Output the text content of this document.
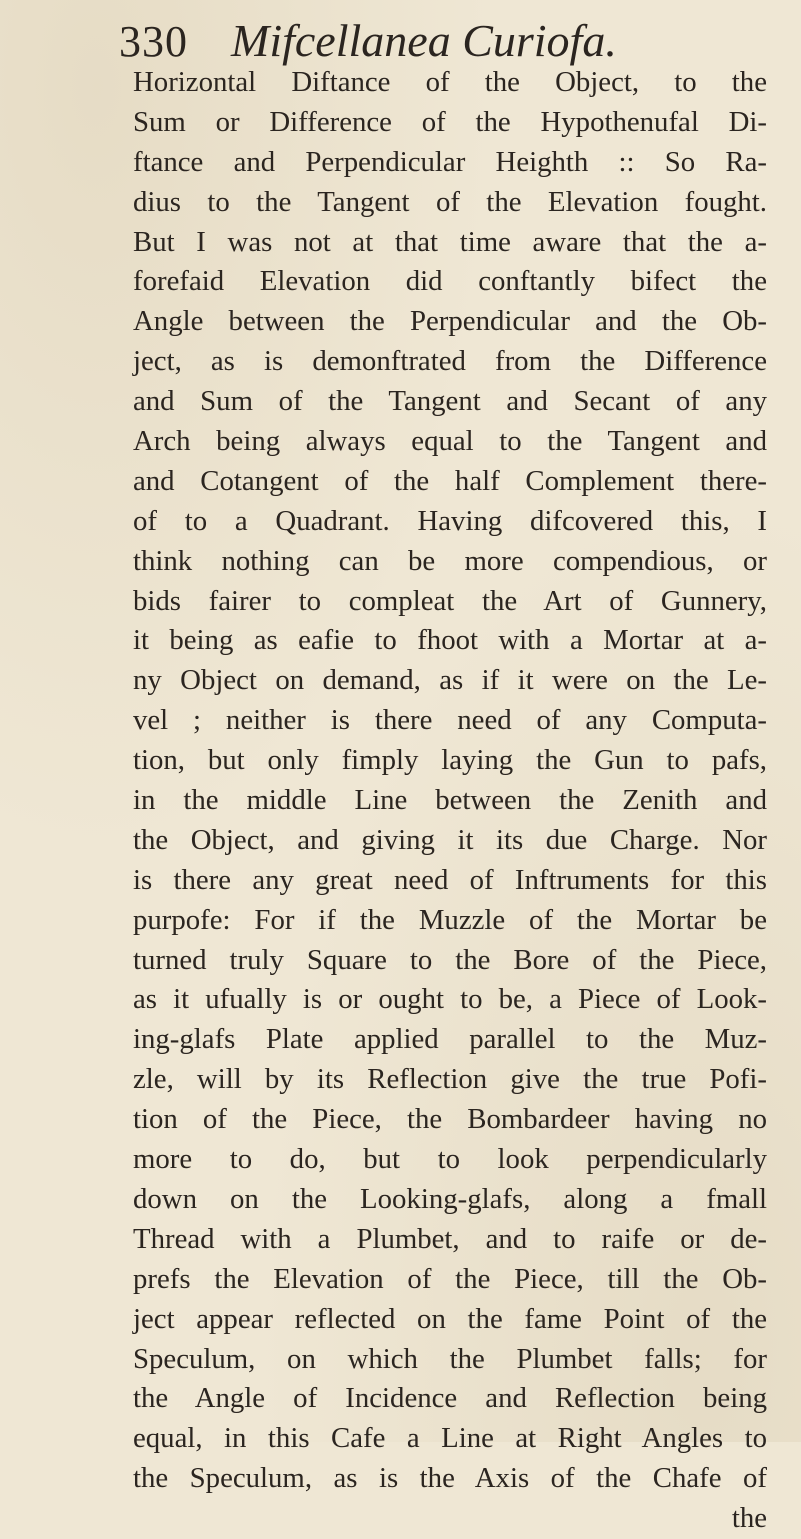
330 Mifcellanea Curiofa.
Horizontal Diftance of the Object, to the
Sum or Difference of the Hypothenufal Di-
ftance and Perpendicular Heighth :: So Ra-
dius to the Tangent of the Elevation fought.
But I was not at that time aware that the a-
forefaid Elevation did conftantly bifect the
Angle between the Perpendicular and the Ob-
ject, as is demonftrated from the Difference
and Sum of the Tangent and Secant of any
Arch being always equal to the Tangent and
and Cotangent of the half Complement there-
of to a Quadrant. Having difcovered this, I
think nothing can be more compendious, or
bids fairer to compleat the Art of Gunnery,
it being as eafie to fhoot with a Mortar at a-
ny Object on demand, as if it were on the Le-
vel ; neither is there need of any Computa-
tion, but only fimply laying the Gun to pafs,
in the middle Line between the Zenith and
the Object, and giving it its due Charge. Nor
is there any great need of Inftruments for this
purpofe: For if the Muzzle of the Mortar be
turned truly Square to the Bore of the Piece,
as it ufually is or ought to be, a Piece of Look-
ing-glafs Plate applied parallel to the Muz-
zle, will by its Reflection give the true Pofi-
tion of the Piece, the Bombardeer having no
more to do, but to look perpendicularly
down on the Looking-glafs, along a fmall
Thread with a Plumbet, and to raife or de-
prefs the Elevation of the Piece, till the Ob-
ject appear reflected on the fame Point of the
Speculum, on which the Plumbet falls; for
the Angle of Incidence and Reflection being
equal, in this Cafe a Line at Right Angles to
the Speculum, as is the Axis of the Chafe of
the
